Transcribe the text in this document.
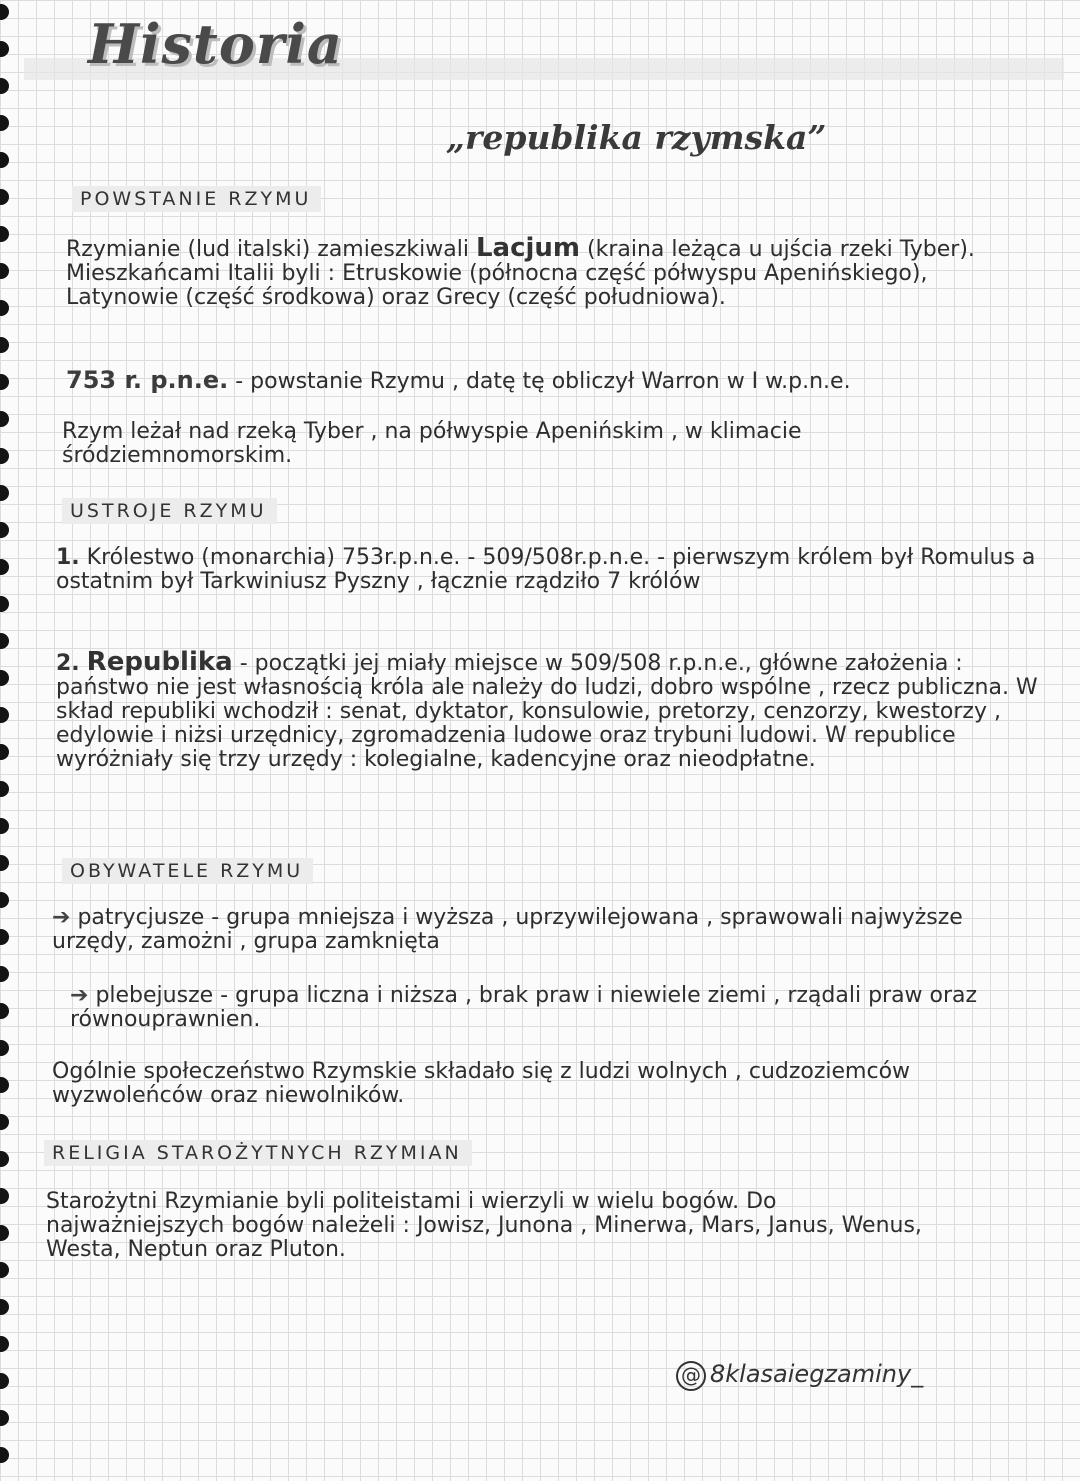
Historia
„republika rzymska”
POWSTANIE RZYMU

Rzymianie (lud italski) zamieszkiwali Lacjum (kraina leżąca u ujścia rzeki Tyber). Mieszkańcami Italii byli : Etruskowie (północna część półwyspu Apenińskiego), Latynowie (część środkowa) oraz Grecy (część południowa).

753 r. p.n.e. - powstanie Rzymu , datę tę obliczył Warron w I w.p.n.e.

Rzym leżał nad rzeką Tyber , na półwyspie Apenińskim , w klimacie śródziemnomorskim.

USTROJE RZYMU

1. Królestwo (monarchia) 753r.p.n.e. - 509/508r.p.n.e. - pierwszym królem był Romulus a ostatnim był Tarkwiniusz Pyszny , łącznie rządziło 7 królów

2. Republika - początki jej miały miejsce w 509/508 r.p.n.e., główne założenia : państwo nie jest własnością króla ale należy do ludzi, dobro wspólne , rzecz publiczna. W skład republiki wchodził : senat, dyktator, konsulowie, pretorzy, cenzorzy, kwestorzy , edylowie i niżsi urzędnicy, zgromadzenia ludowe oraz trybuni ludowi. W republice wyróżniały się trzy urzędy : kolegialne, kadencyjne oraz nieodpłatne.

OBYWATELE RZYMU

➔ patrycjusze - grupa mniejsza i wyższa , uprzywilejowana , sprawowali najwyższe urzędy, zamożni , grupa zamknięta

➔ plebejusze - grupa liczna i niższa , brak praw i niewiele ziemi , rządali praw oraz równouprawnien.

Ogólnie społeczeństwo Rzymskie składało się z ludzi wolnych , cudzoziemców wyzwoleńców oraz niewolników.

RELIGIA STAROŻYTNYCH RZYMIAN

Starożytni Rzymianie byli politeistami i wierzyli w wielu bogów. Do najważniejszych bogów należeli : Jowisz, Junona , Minerwa, Mars, Janus, Wenus, Westa, Neptun oraz Pluton.

@ 8klasaiegzaminy_
